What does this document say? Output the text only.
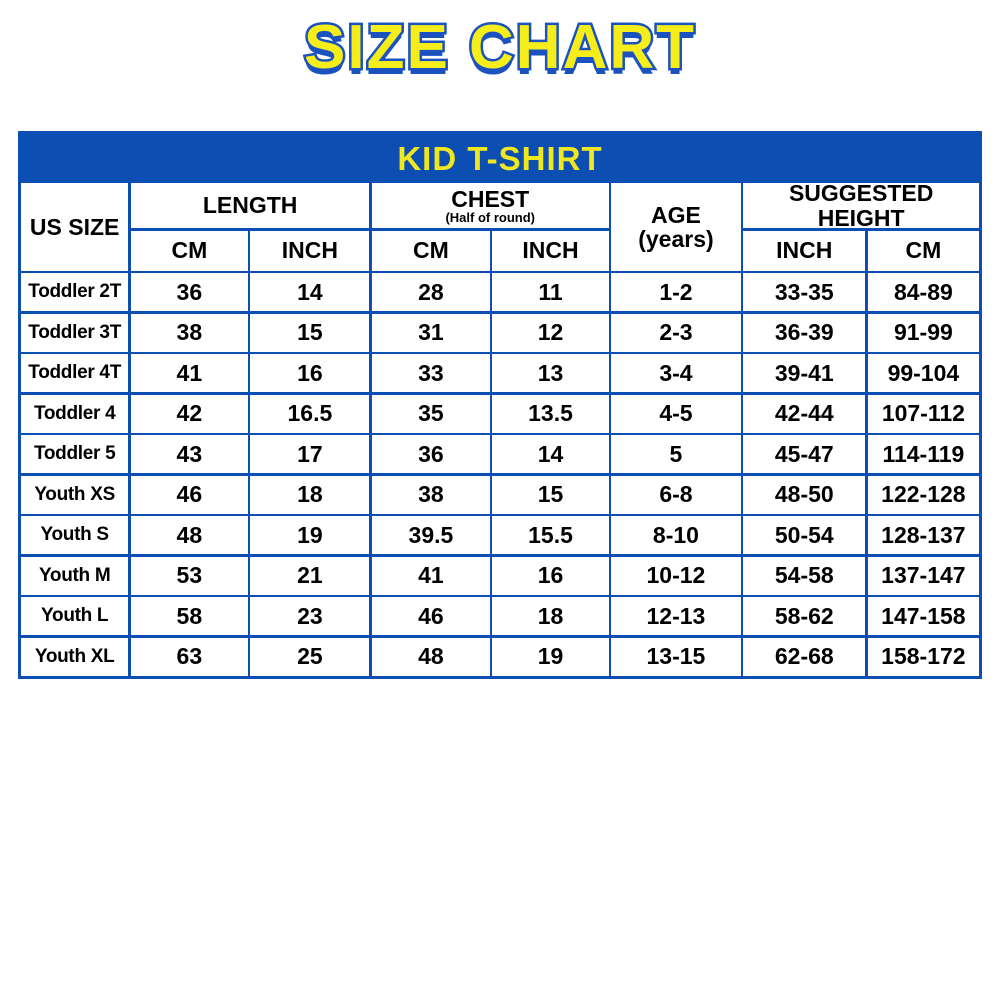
SIZE CHART
KID T-SHIRT
US SIZE
LENGTH	CHEST
(Half of round)	AGE
(years)
SUGGESTED HEIGHT
CM	INCH	CM	INCH	INCH	CM
Toddler 2T	36	14	28	11	1-2	33-35	84-89
Toddler 3T	38	15	31	12	2-3	36-39	91-99
Toddler 4T	41	16	33	13	3-4	39-41	99-104
Toddler 4	42	16.5	35	13.5	4-5	42-44	107-112
Toddler 5	43	17	36	14	5	45-47	114-119
Youth XS	46	18	38	15	6-8	48-50	122-128
Youth S	48	19	39.5	15.5	8-10	50-54	128-137
Youth M	53	21	41	16	10-12	54-58	137-147
Youth L	58	23	46	18	12-13	58-62	147-158
Youth XL	63	25	48	19	13-15	62-68	158-172
